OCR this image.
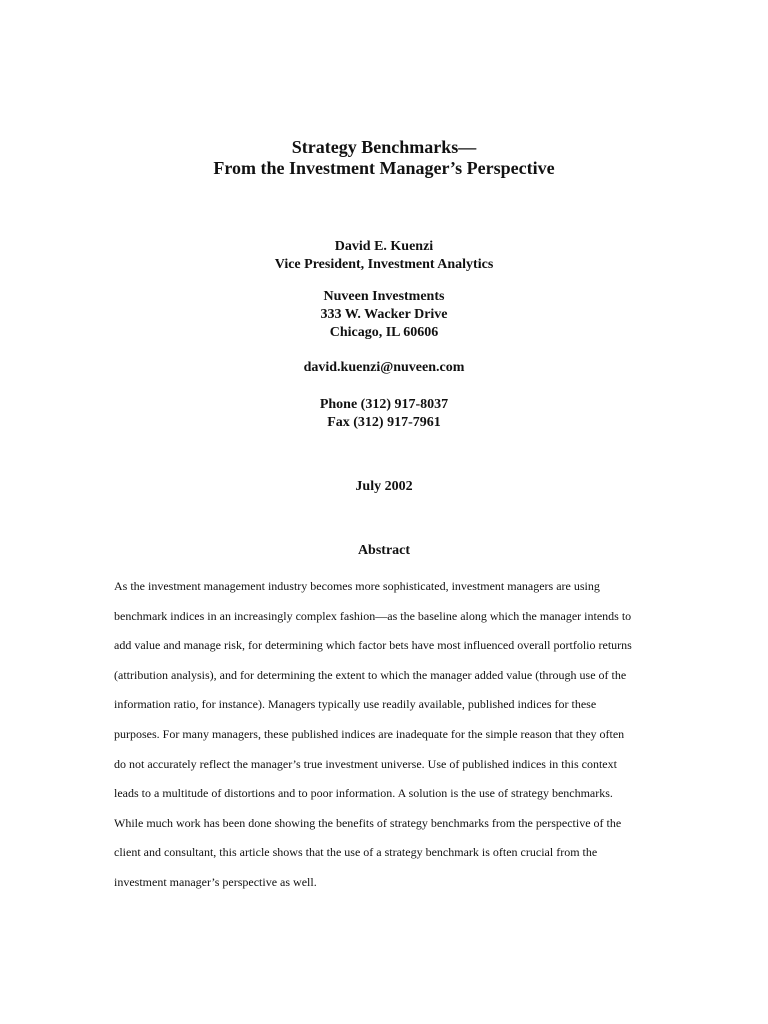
Strategy Benchmarks—
From the Investment Manager’s Perspective
David E. Kuenzi
Vice President, Investment Analytics
Nuveen Investments
333 W. Wacker Drive
Chicago, IL 60606
david.kuenzi@nuveen.com
Phone (312) 917-8037
Fax (312) 917-7961
July 2002
Abstract
As the investment management industry becomes more sophisticated, investment managers are using
benchmark indices in an increasingly complex fashion—as the baseline along which the manager intends to
add value and manage risk, for determining which factor bets have most influenced overall portfolio returns
(attribution analysis), and for determining the extent to which the manager added value (through use of the
information ratio, for instance). Managers typically use readily available, published indices for these
purposes. For many managers, these published indices are inadequate for the simple reason that they often
do not accurately reflect the manager’s true investment universe. Use of published indices in this context
leads to a multitude of distortions and to poor information. A solution is the use of strategy benchmarks.
While much work has been done showing the benefits of strategy benchmarks from the perspective of the
client and consultant, this article shows that the use of a strategy benchmark is often crucial from the
investment manager’s perspective as well.
